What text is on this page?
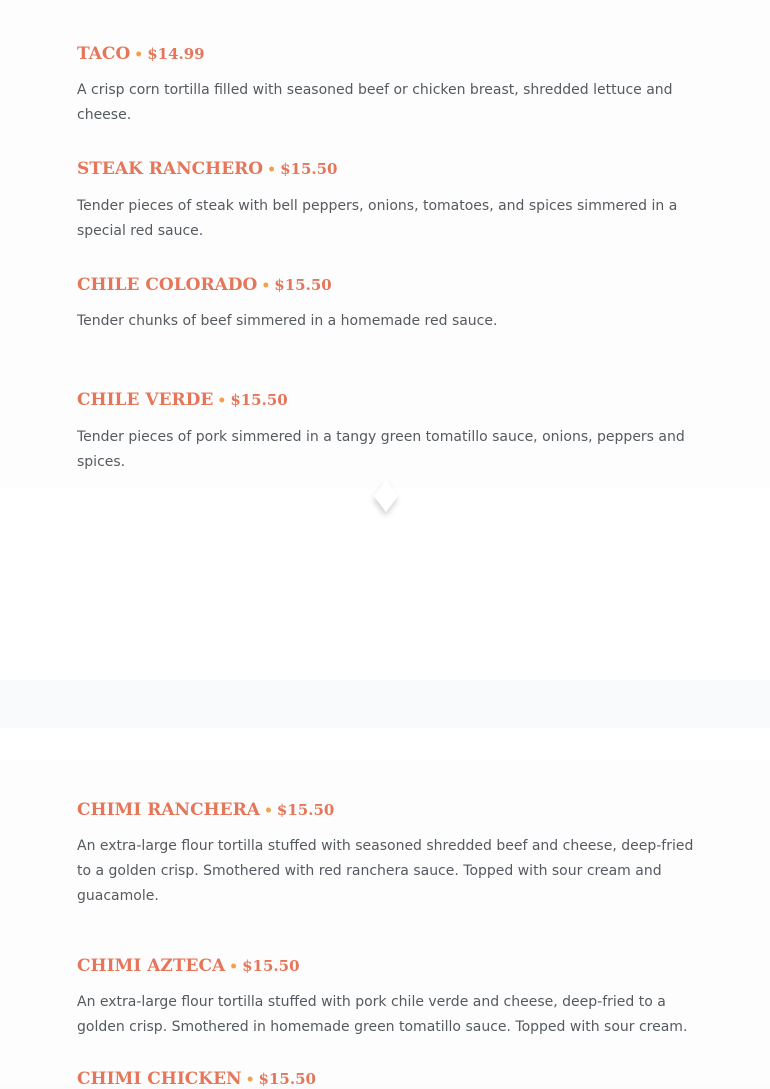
TACO • $14.99
A crisp corn tortilla filled with seasoned beef or chicken breast, shredded lettuce and cheese.
STEAK RANCHERO • $15.50
Tender pieces of steak with bell peppers, onions, tomatoes, and spices simmered in a special red sauce.
CHILE COLORADO • $15.50
Tender chunks of beef simmered in a homemade red sauce.
CHILE VERDE • $15.50
Tender pieces of pork simmered in a tangy green tomatillo sauce, onions, peppers and spices.
CHIMI RANCHERA • $15.50
An extra-large flour tortilla stuffed with seasoned shredded beef and cheese, deep-fried to a golden crisp. Smothered with red ranchera sauce. Topped with sour cream and guacamole.
CHIMI AZTECA • $15.50
An extra-large flour tortilla stuffed with pork chile verde and cheese, deep-fried to a golden crisp. Smothered in homemade green tomatillo sauce. Topped with sour cream.
CHIMI CHICKEN • $15.50
